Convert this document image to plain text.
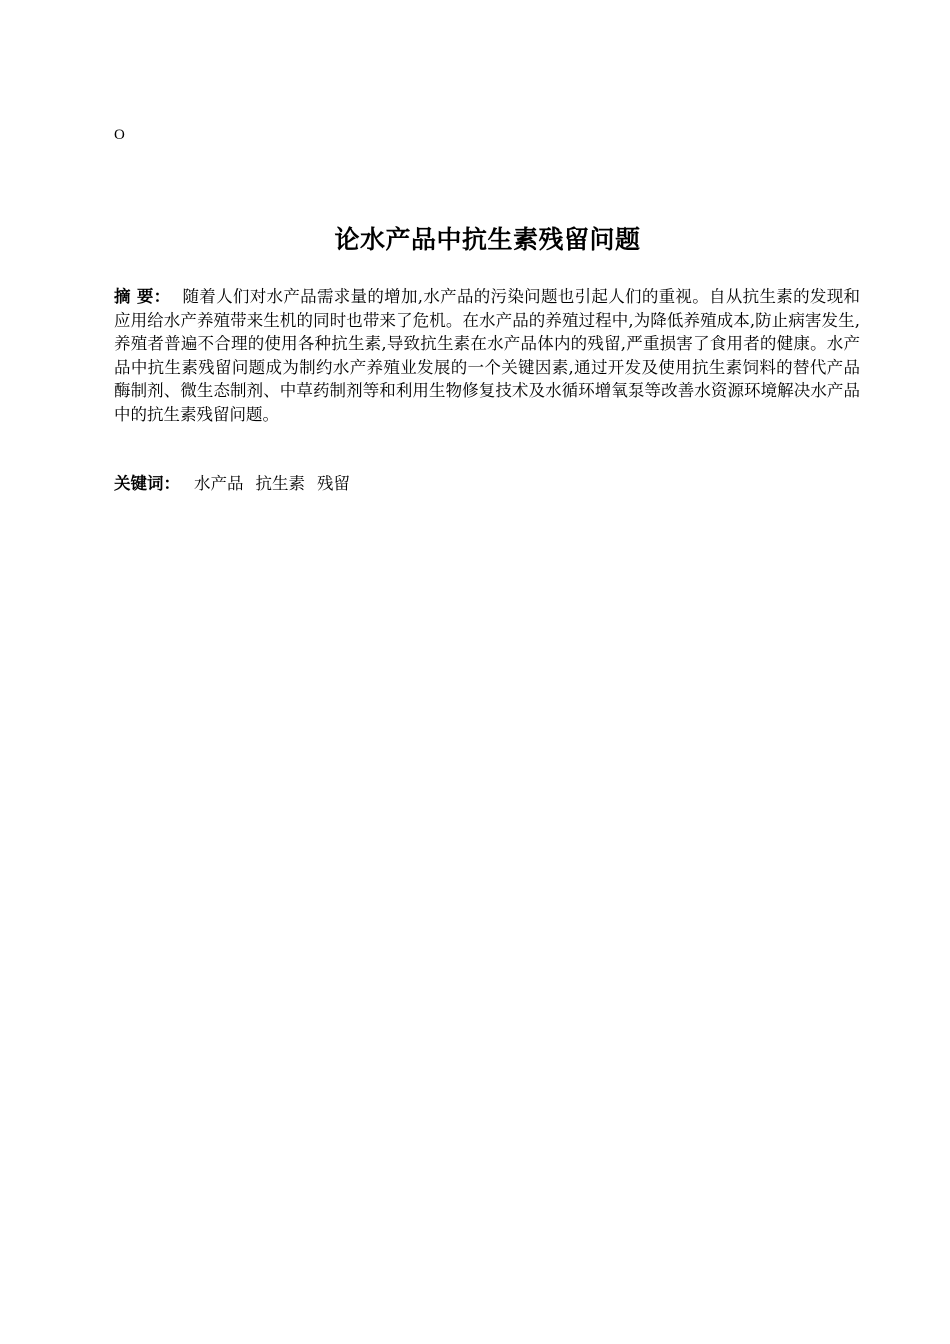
O
论水产品中抗生素残留问题
摘 要： 随着人们对水产品需求量的增加,水产品的污染问题也引起人们的重视。自从抗生素的发现和应用给水产养殖带来生机的同时也带来了危机。在水产品的养殖过程中,为降低养殖成本,防止病害发生,养殖者普遍不合理的使用各种抗生素,导致抗生素在水产品体内的残留,严重损害了食用者的健康。水产品中抗生素残留问题成为制约水产养殖业发展的一个关键因素,通过开发及使用抗生素饲料的替代产品酶制剂、微生态制剂、中草药制剂等和利用生物修复技术及水循环增氧泵等改善水资源环境解决水产品中的抗生素残留问题。
关键词： 水产品 抗生素 残留
